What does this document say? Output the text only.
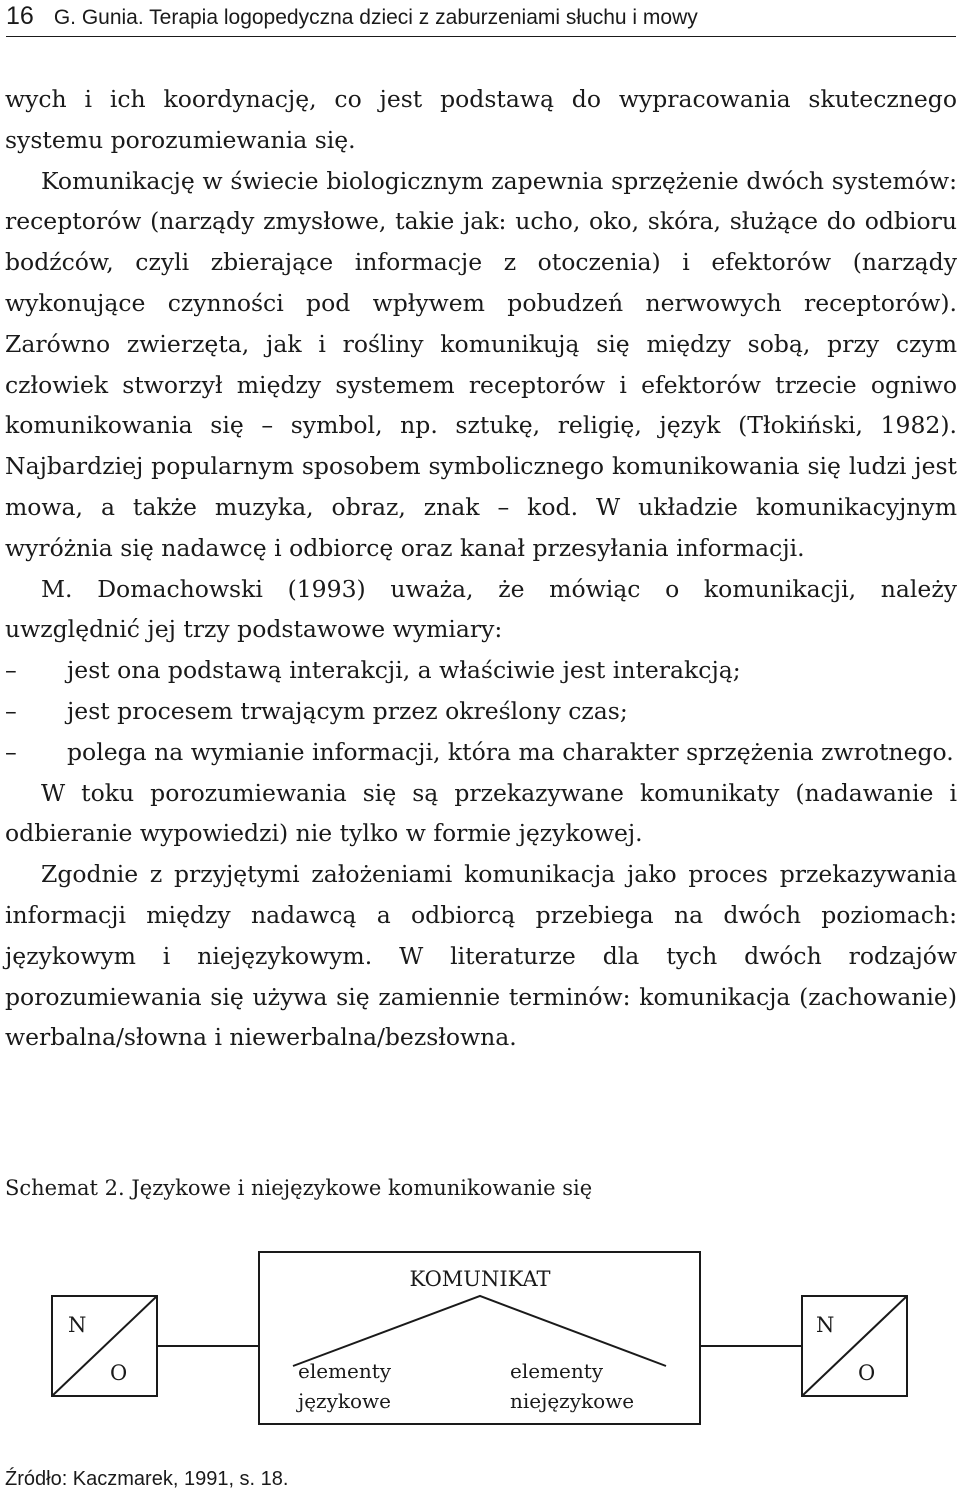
16 G. Gunia. Terapia logopedyczna dzieci z zaburzeniami słuchu i mowy

wych i ich koordynację, co jest podstawą do wypracowania skutecznego systemu porozumiewania się.

Komunikację w świecie biologicznym zapewnia sprzężenie dwóch systemów: receptorów (narządy zmysłowe, takie jak: ucho, oko, skóra, służące do odbioru bodźców, czyli zbierające informacje z otoczenia) i efektorów (narządy wykonujące czynności pod wpływem pobudzeń nerwowych receptorów). Zarówno zwierzęta, jak i rośliny komunikują się między sobą, przy czym człowiek stworzył między systemem receptorów i efektorów trzecie ogniwo komunikowania się – symbol, np. sztukę, religię, język (Tłokiński, 1982). Najbardziej popularnym sposobem symbolicznego komunikowania się ludzi jest mowa, a także muzyka, obraz, znak – kod. W układzie komunikacyjnym wyróżnia się nadawcę i odbiorcę oraz kanał przesyłania informacji.

M. Domachowski (1993) uważa, że mówiąc o komunikacji, należy uwzględnić jej trzy podstawowe wymiary:

– jest ona podstawą interakcji, a właściwie jest interakcją;
– jest procesem trwającym przez określony czas;
– polega na wymianie informacji, która ma charakter sprzężenia zwrotnego.

W toku porozumiewania się są przekazywane komunikaty (nadawanie i odbieranie wypowiedzi) nie tylko w formie językowej.

Zgodnie z przyjętymi założeniami komunikacja jako proces przekazywania informacji między nadawcą a odbiorcą przebiega na dwóch poziomach: językowym i niejęzykowym. W literaturze dla tych dwóch rodzajów porozumiewania się używa się zamiennie terminów: komunikacja (zachowanie) werbalna/słowna i niewerbalna/bezsłowna.

Schemat 2. Językowe i niejęzykowe komunikowanie się
N
O
KOMUNIKAT
elementy
językowe
elementy
niejęzykowe
N
O
Źródło: Kaczmarek, 1991, s. 18.
